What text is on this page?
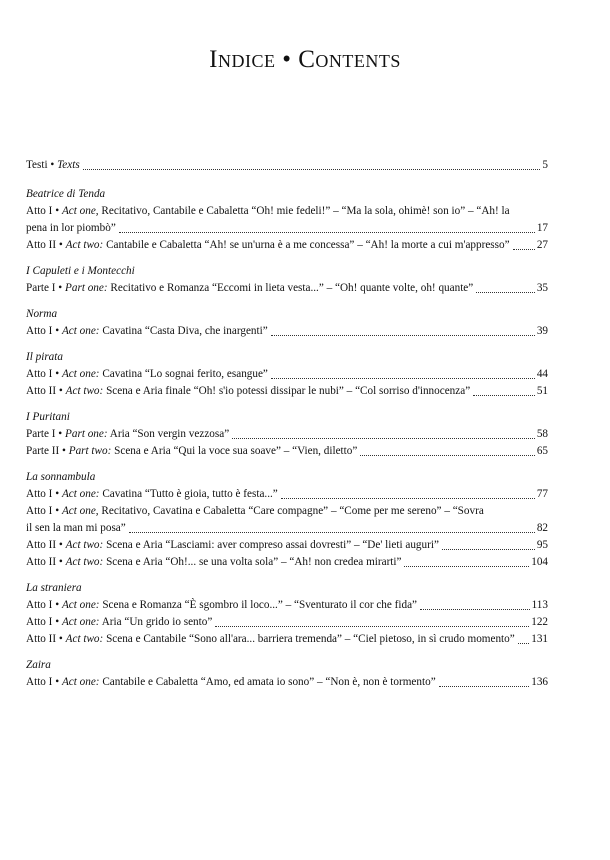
Indice • Contents
Testi • Texts	5
Beatrice di Tenda
Atto I • Act one, Recitativo, Cantabile e Cabaletta “Oh! mie fedeli!” – “Ma la sola, ohimè! son io” – “Ah! la
pena in lor piombò”	17
Atto II • Act two: Cantabile e Cabaletta “Ah! se un'urna è a me concessa” – “Ah! la morte a cui m'appresso” 27
I Capuleti e i Montecchi
Parte I • Part one: Recitativo e Romanza “Eccomi in lieta vesta...” – “Oh! quante volte, oh! quante”	35
Norma
Atto I • Act one: Cavatina “Casta Diva, che inargenti”	39
Il pirata
Atto I • Act one: Cavatina “Lo sognai ferito, esangue”	44
Atto II • Act two: Scena e Aria finale “Oh! s'io potessi dissipar le nubi” – “Col sorriso d'innocenza”	51
I Puritani
Parte I • Part one: Aria “Son vergin vezzosa”	58
Parte II • Part two: Scena e Aria “Qui la voce sua soave” – “Vien, diletto”	65
La sonnambula
Atto I • Act one: Cavatina “Tutto è gioia, tutto è festa...”	77
Atto I • Act one, Recitativo, Cavatina e Cabaletta “Care compagne” – “Come per me sereno” – “Sovra
il sen la man mi posa”	82
Atto II • Act two: Scena e Aria “Lasciami: aver compreso assai dovresti” – “De' lieti auguri”	95
Atto II • Act two: Scena e Aria “Oh!... se una volta sola” – “Ah! non credea mirarti”	104
La straniera
Atto I • Act one: Scena e Romanza “È sgombro il loco...” – “Sventurato il cor che fida”	113
Atto I • Act one: Aria “Un grido io sento”	122
Atto II • Act two: Scena e Cantabile “Sono all'ara... barriera tremenda” – “Ciel pietoso, in sì crudo momento” 131
Zaira
Atto I • Act one: Cantabile e Cabaletta “Amo, ed amata io sono” – “Non è, non è tormento”	136
